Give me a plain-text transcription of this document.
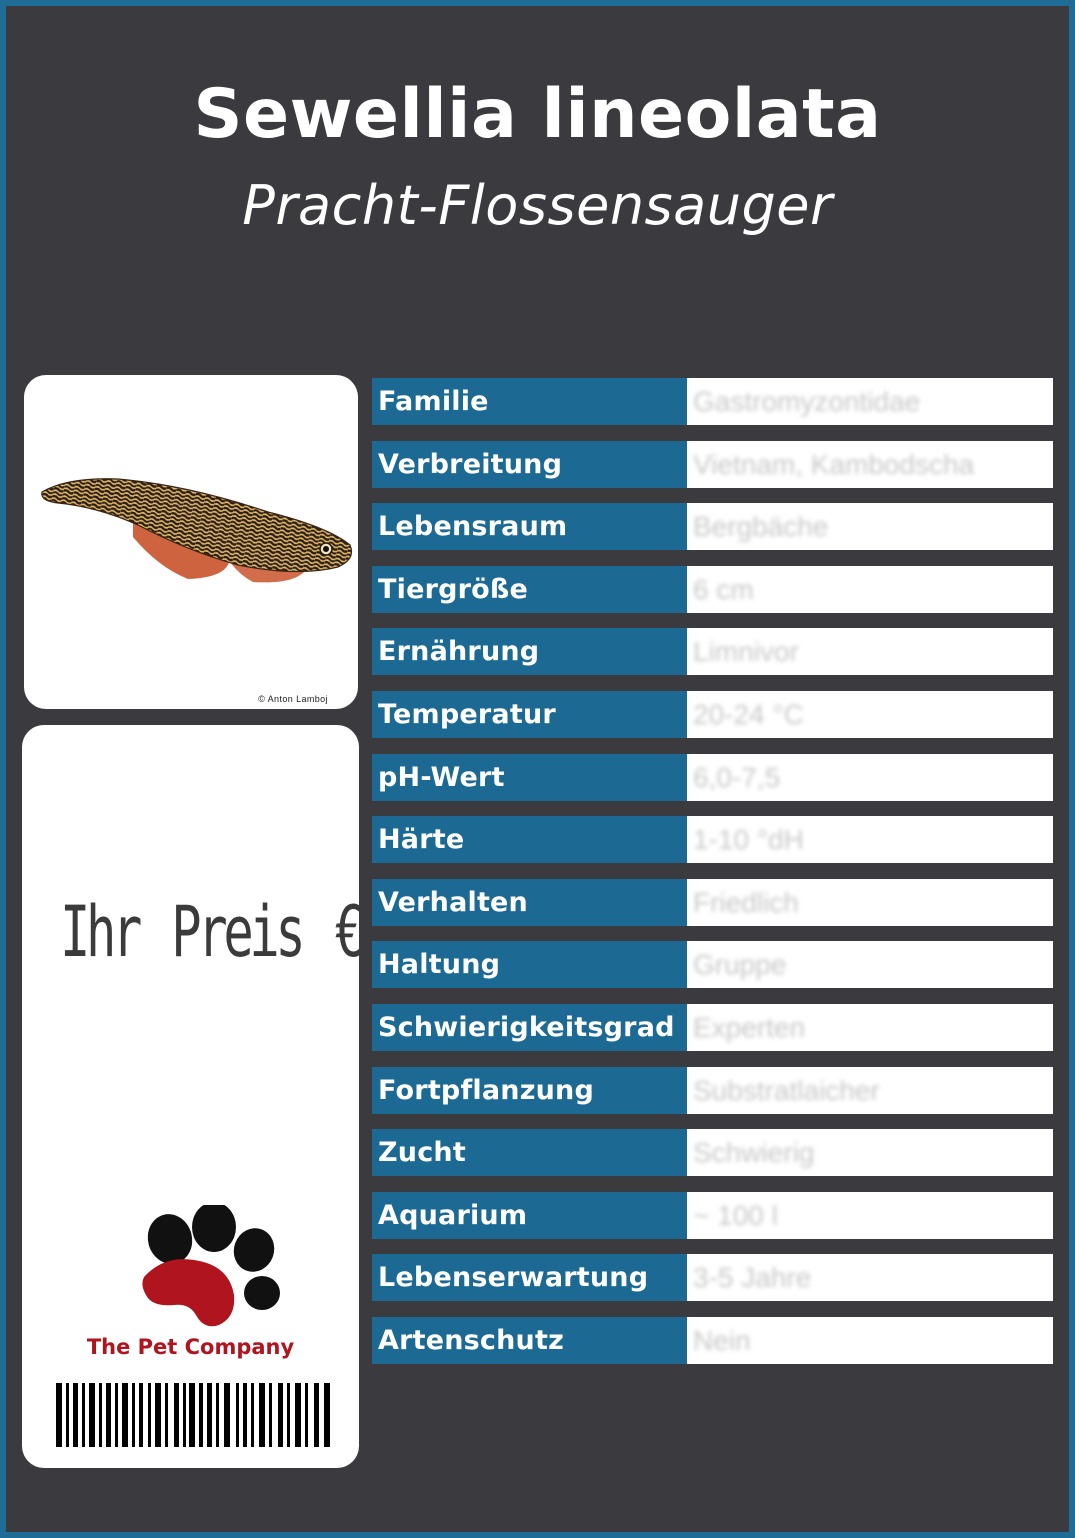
Sewellia lineolata
Pracht-Flossensauger
© Anton Lamboj
Ihr Preis €
The Pet Company
Familie	Gastromyzontidae
Verbreitung	Vietnam, Kambodscha
Lebensraum	Bergbäche
Tiergröße	6 cm
Ernährung	Limnivor
Temperatur	20-24 °C
pH-Wert	6,0-7,5
Härte	1-10 °dH
Verhalten	Friedlich
Haltung	Gruppe
Schwierigkeitsgrad Experten
Fortpflanzung	Substratlaicher
Zucht	Schwierig
Aquarium	~ 100 l
Lebenserwartung	3-5 Jahre
Artenschutz	Nein
